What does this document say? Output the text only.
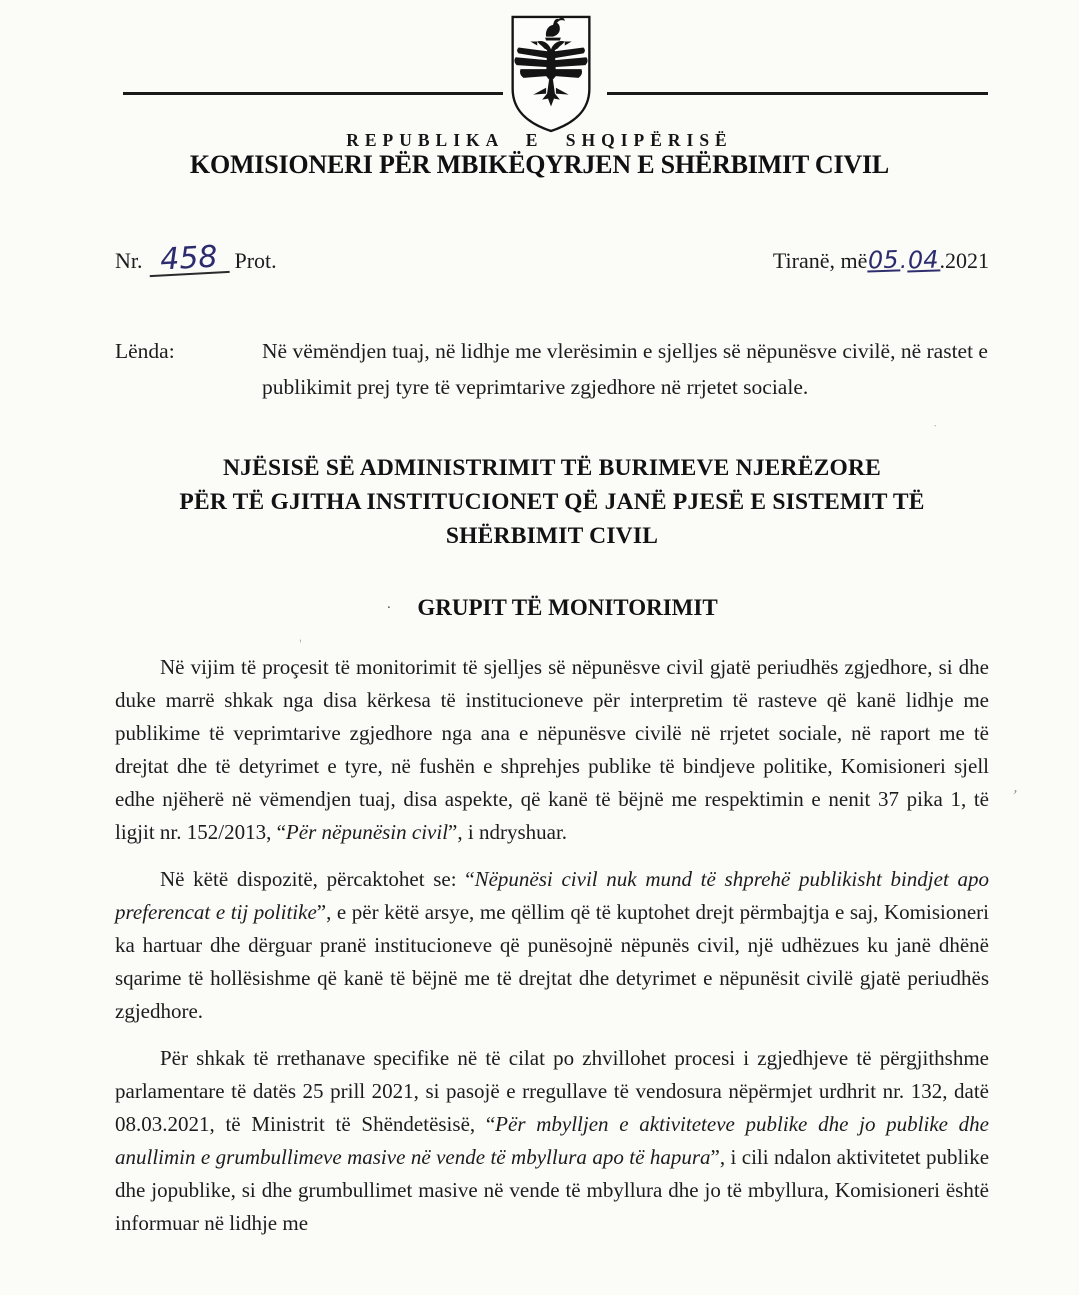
REPUBLIKA E SHQIPËRISË
KOMISIONERI PËR MBIKËQYRJEN E SHËRBIMIT CIVIL
Nr. 458 Prot.	Tiranë, më05.04.2021
Lënda:	Në vëmëndjen tuaj, në lidhje me vlerësimin e sjelljes së nëpunësve civilë, në rastet e publikimit prej tyre të veprimtarive zgjedhore në rrjetet sociale.
NJËSISË SË ADMINISTRIMIT TË BURIMEVE NJERËZORE
PËR TË GJITHA INSTITUCIONET QË JANË PJESË E SISTEMIT TË
SHËRBIMIT CIVIL
· GRUPIT TË MONITORIMIT

Në vijim të proçesit të monitorimit të sjelljes së nëpunësve civil gjatë periudhës zgjedhore, si dhe duke marrë shkak nga disa kërkesa të institucioneve për interpretim të rasteve që kanë lidhje me publikime të veprimtarive zgjedhore nga ana e nëpunësve civilë në rrjetet sociale, në raport me të drejtat dhe të detyrimet e tyre, në fushën e shprehjes publike të bindjeve politike, Komisioneri sjell edhe njëherë në vëmendjen tuaj, disa aspekte, që kanë të bëjnë me respektimin e nenit 37 pika 1, të ligjit nr. 152/2013, “Për nëpunësin civil”, i ndryshuar.

Në këtë dispozitë, përcaktohet se: “Nëpunësi civil nuk mund të shprehë publikisht bindjet apo preferencat e tij politike”, e për këtë arsye, me qëllim që të kuptohet drejt përmbajtja e saj, Komisioneri ka hartuar dhe dërguar pranë institucioneve që punësojnë nëpunës civil, një udhëzues ku janë dhënë sqarime të hollësishme që kanë të bëjnë me të drejtat dhe detyrimet e nëpunësit civilë gjatë periudhës zgjedhore.

Për shkak të rrethanave specifike në të cilat po zhvillohet procesi i zgjedhjeve të përgjithshme parlamentare të datës 25 prill 2021, si pasojë e rregullave të vendosura nëpërmjet urdhrit nr. 132, datë 08.03.2021, të Ministrit të Shëndetësisë, “Për mbylljen e aktiviteteve publike dhe jo publike dhe anullimin e grumbullimeve masive në vende të mbyllura apo të hapura”, i cili ndalon aktivitetet publike dhe jopublike, si dhe grumbullimet masive në vende të mbyllura dhe jo të mbyllura, Komisioneri është informuar në lidhje me

ʼ
·
ʹ
